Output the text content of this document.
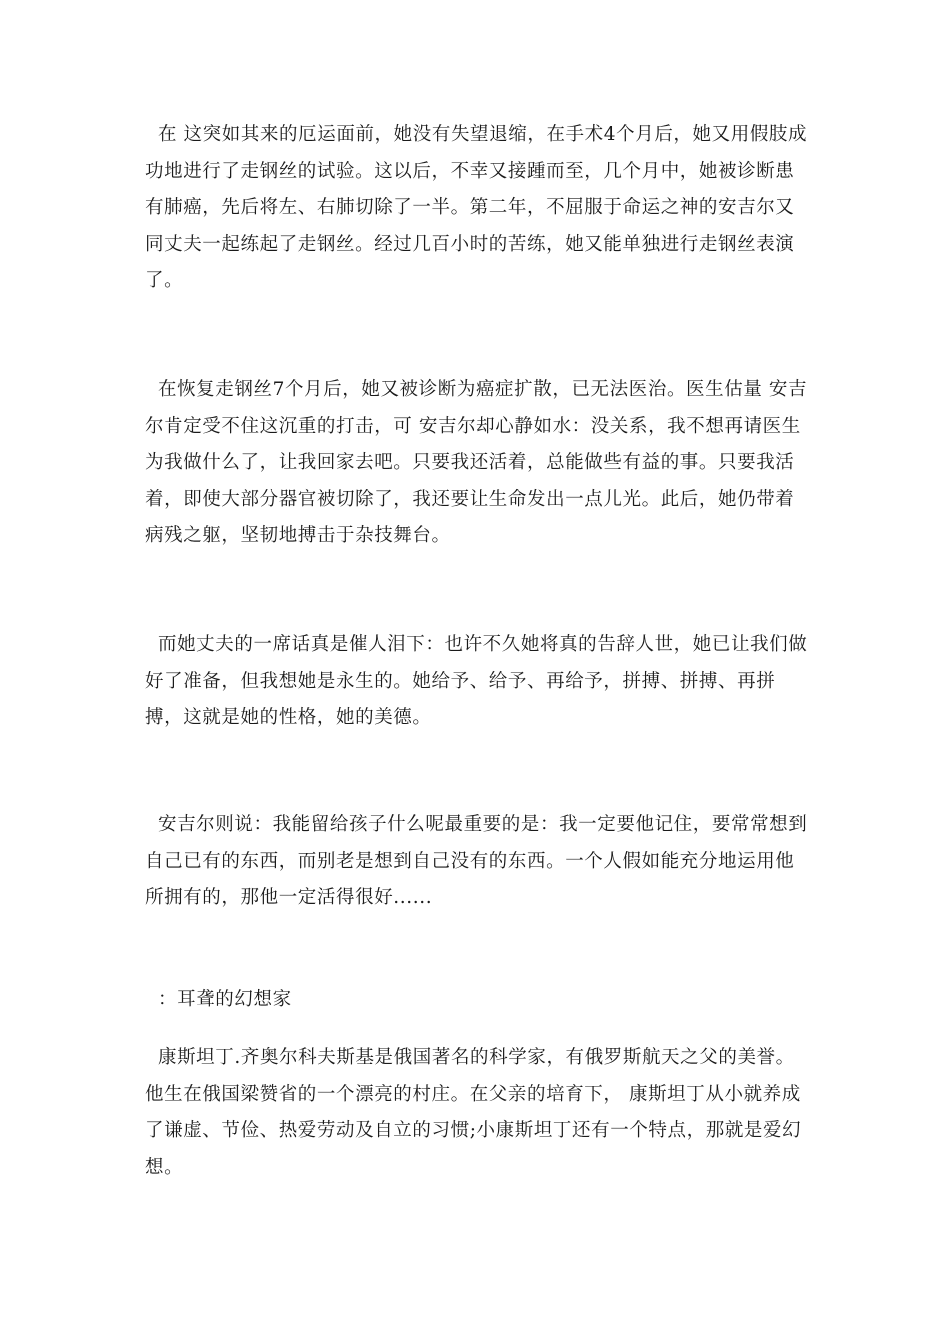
在 这突如其来的厄运面前，她没有失望退缩，在手术4个月后，她又用假肢成功地进行了走钢丝的试验。这以后，不幸又接踵而至，几个月中，她被诊断患有肺癌，先后将左、右肺切除了一半。第二年，不屈服于命运之神的安吉尔又同丈夫一起练起了走钢丝。经过几百小时的苦练，她又能单独进行走钢丝表演了。

在恢复走钢丝7个月后，她又被诊断为癌症扩散，已无法医治。医生估量 安吉尔肯定受不住这沉重的打击，可 安吉尔却心静如水：没关系，我不想再请医生为我做什么了，让我回家去吧。只要我还活着，总能做些有益的事。只要我活着，即使大部分器官被切除了，我还要让生命发出一点儿光。此后，她仍带着病残之躯，坚韧地搏击于杂技舞台。

而她丈夫的一席话真是催人泪下：也许不久她将真的告辞人世，她已让我们做好了准备，但我想她是永生的。她给予、给予、再给予，拼搏、拼搏、再拼搏，这就是她的性格，她的美德。

安吉尔则说：我能留给孩子什么呢最重要的是：我一定要他记住，要常常想到自己已有的东西，而别老是想到自己没有的东西。一个人假如能充分地运用他所拥有的，那他一定活得很好......

：耳聋的幻想家

康斯坦丁.齐奥尔科夫斯基是俄国著名的科学家，有俄罗斯航天之父的美誉。他生在俄国梁赞省的一个漂亮的村庄。在父亲的培育下， 康斯坦丁从小就养成了谦虚、节俭、热爱劳动及自立的习惯;小康斯坦丁还有一个特点，那就是爱幻想。
